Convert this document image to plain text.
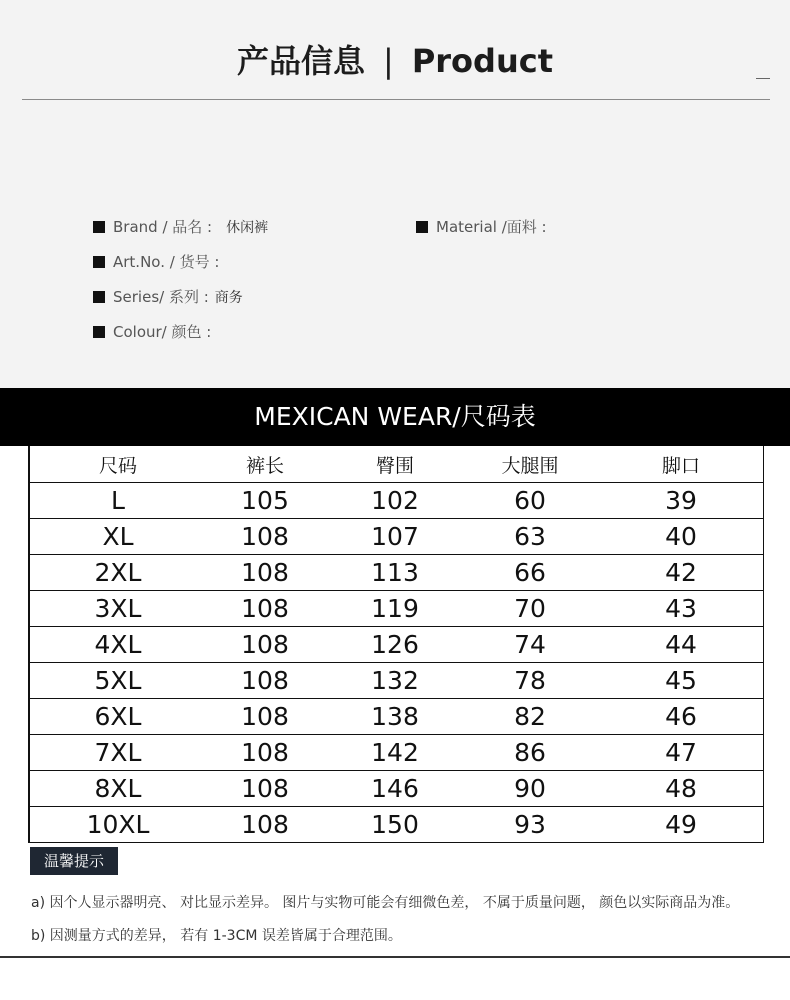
产品信息 | Product
Brand / 品名 : 休闲裤	Material /面料 :
Art.No. / 货号 :
Series/ 系列 : 商务
Colour/ 颜色 :
MEXICAN WEAR/尺码表
尺码	裤长	臀围	大腿围	脚口
L	105	102	60	39
XL	108	107	63	40
2XL	108	113	66	42
3XL	108	119	70	43
4XL	108	126	74	44
5XL	108	132	78	45
6XL	108	138	82	46
7XL	108	142	86	47
8XL	108	146	90	48
10XL	108	150	93	49
温馨提示
a) 因个人显示器明亮、 对比显示差异。 图片与实物可能会有细微色差， 不属于质量问题， 颜色以实际商品为准。
b) 因测量方式的差异， 若有 1-3CM 误差皆属于合理范围。
